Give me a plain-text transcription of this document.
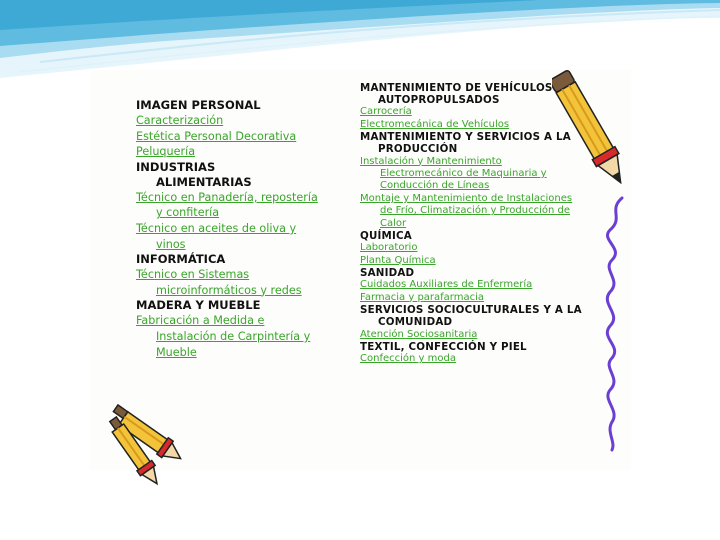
IMAGEN PERSONAL
Caracterización
Estética Personal Decorativa
Peluquería
INDUSTRIAS
ALIMENTARIAS
Técnico en Panadería, repostería
y confitería
Técnico en aceites de oliva y
vinos
INFORMÁTICA
Técnico en Sistemas
microinformáticos y redes
MADERA Y MUEBLE
Fabricación a Medida e
Instalación de Carpintería y
Mueble
MANTENIMIENTO DE VEHÍCULOS
AUTOPROPULSADOS
Carrocería
Electromecánica de Vehículos
MANTENIMIENTO Y SERVICIOS A LA
PRODUCCIÓN
Instalación y Mantenimiento
Electromecánico de Maquinaria y
Conducción de Líneas
Montaje y Mantenimiento de Instalaciones
de Frío, Climatización y Producción de
Calor
QUÍMICA
Laboratorio
Planta Química
SANIDAD
Cuidados Auxiliares de Enfermería
Farmacia y parafarmacia
SERVICIOS SOCIOCULTURALES Y A LA
COMUNIDAD
Atención Sociosanitaria
TEXTIL, CONFECCIÓN Y PIEL
Confección y moda
